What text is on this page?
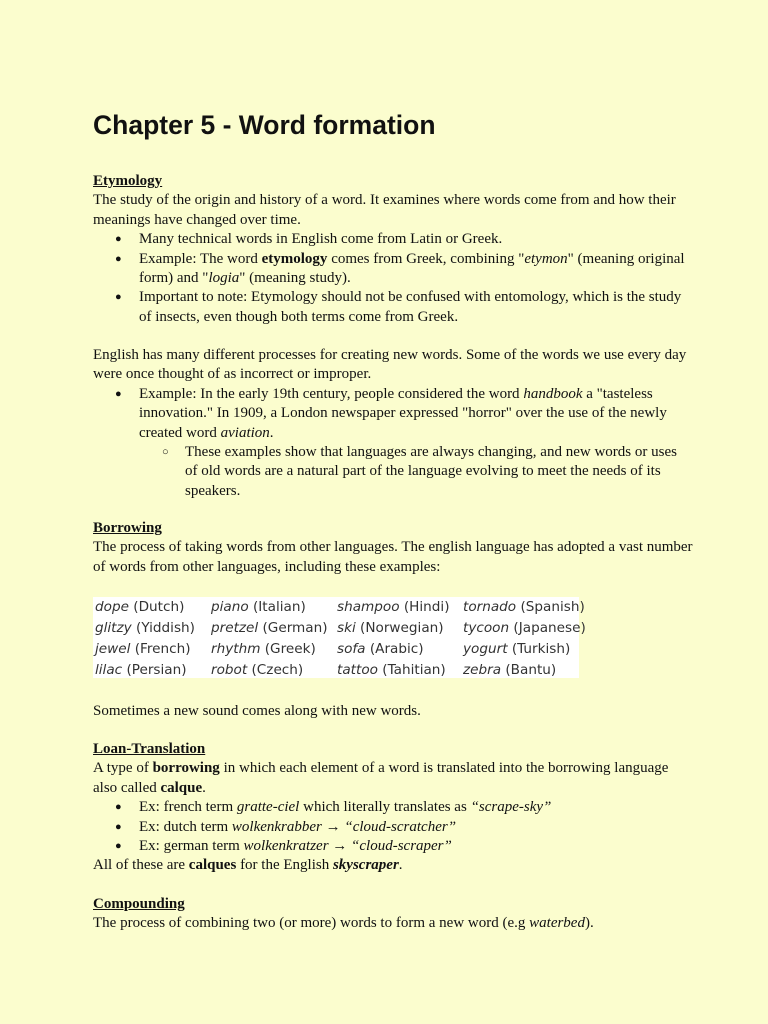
Chapter 5 - Word formation

Etymology

The study of the origin and history of a word. It examines where words come from and how their meanings have changed over time.

● Many technical words in English come from Latin or Greek.
● Example: The word etymology comes from Greek, combining "etymon" (meaning original form) and "logia" (meaning study).
● Important to note: Etymology should not be confused with entomology, which is the study of insects, even though both terms come from Greek.

English has many different processes for creating new words. Some of the words we use every day were once thought of as incorrect or improper.

● Example: In the early 19th century, people considered the word handbook a "tasteless innovation." In 1909, a London newspaper expressed "horror" over the use of the newly created word aviation.
○ These examples show that languages are always changing, and new words or uses of old words are a natural part of the language evolving to meet the needs of its speakers.

Borrowing

The process of taking words from other languages. The english language has adopted a vast number of words from other languages, including these examples:

Sometimes a new sound comes along with new words.

Loan-Translation

A type of borrowing in which each element of a word is translated into the borrowing language also called calque.

● Ex: french term gratte-ciel which literally translates as “scrape-sky”
● Ex: dutch term wolkenkrabber → “cloud-scratcher”
● Ex: german term wolkenkratzer → “cloud-scraper”

All of these are calques for the English skyscraper.

Compounding

The process of combining two (or more) words to form a new word (e.g waterbed).

dope (Dutch) piano (Italian) shampoo (Hindi) tornado (Spanish)
glitzy (Yiddish) pretzel (German) ski (Norwegian) tycoon (Japanese)
jewel (French) rhythm (Greek) sofa (Arabic)	yogurt (Turkish)
lilac (Persian) robot (Czech) tattoo (Tahitian) zebra (Bantu)
